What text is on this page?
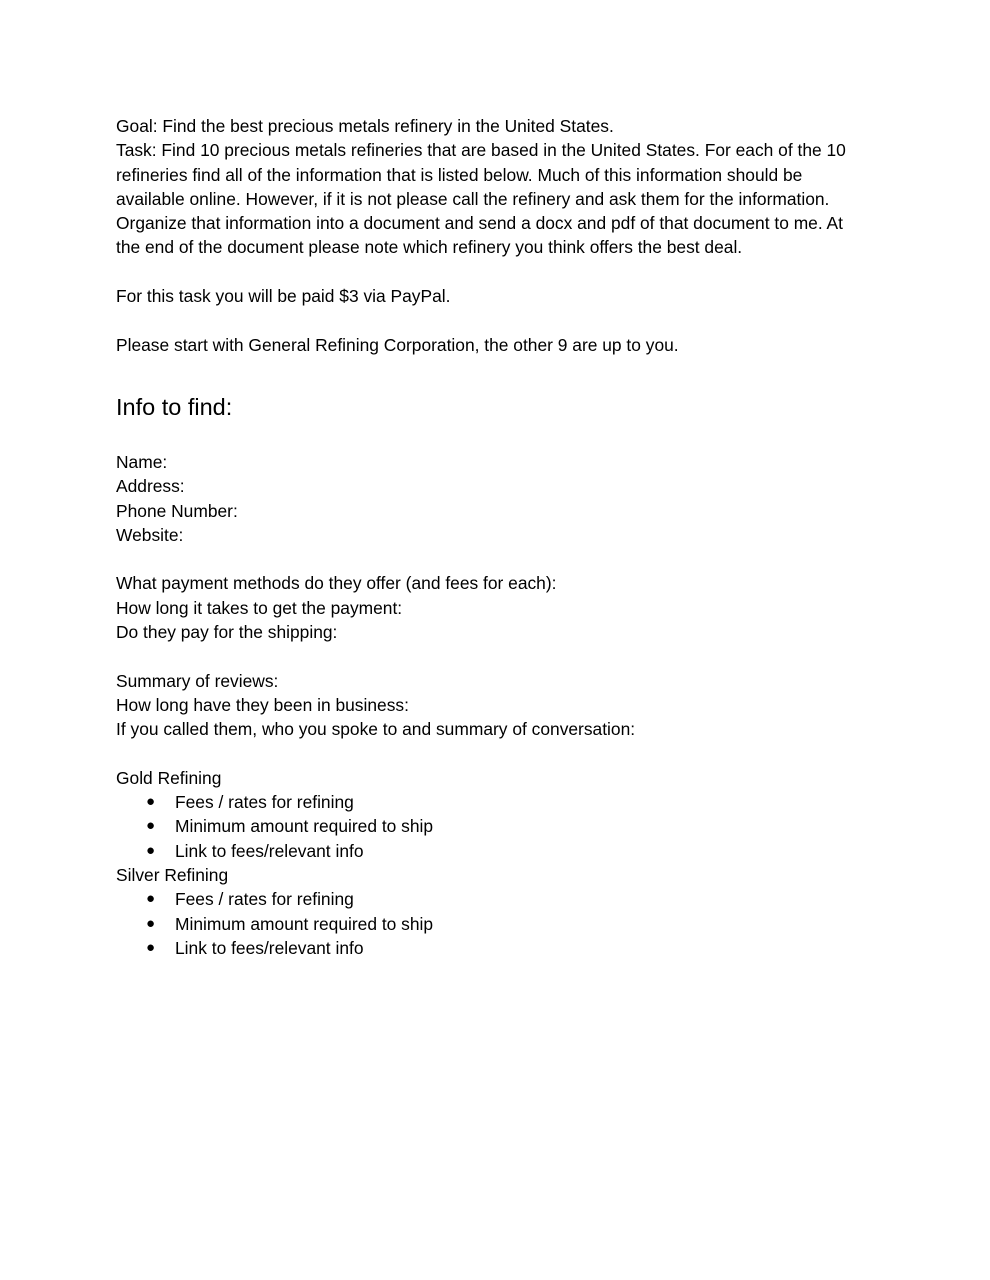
Goal: Find the best precious metals refinery in the United States.
Task: Find 10 precious metals refineries that are based in the United States. For each of the 10
refineries find all of the information that is listed below. Much of this information should be
available online. However, if it is not please call the refinery and ask them for the information.
Organize that information into a document and send a docx and pdf of that document to me. At
the end of the document please note which refinery you think offers the best deal.
For this task you will be paid $3 via PayPal.
Please start with General Refining Corporation, the other 9 are up to you.
Info to find:
Name:
Address:
Phone Number:
Website:
What payment methods do they offer (and fees for each):
How long it takes to get the payment:
Do they pay for the shipping:
Summary of reviews:
How long have they been in business:
If you called them, who you spoke to and summary of conversation:
Gold Refining
● Fees / rates for refining
● Minimum amount required to ship
● Link to fees/relevant info
Silver Refining
● Fees / rates for refining
● Minimum amount required to ship
● Link to fees/relevant info
